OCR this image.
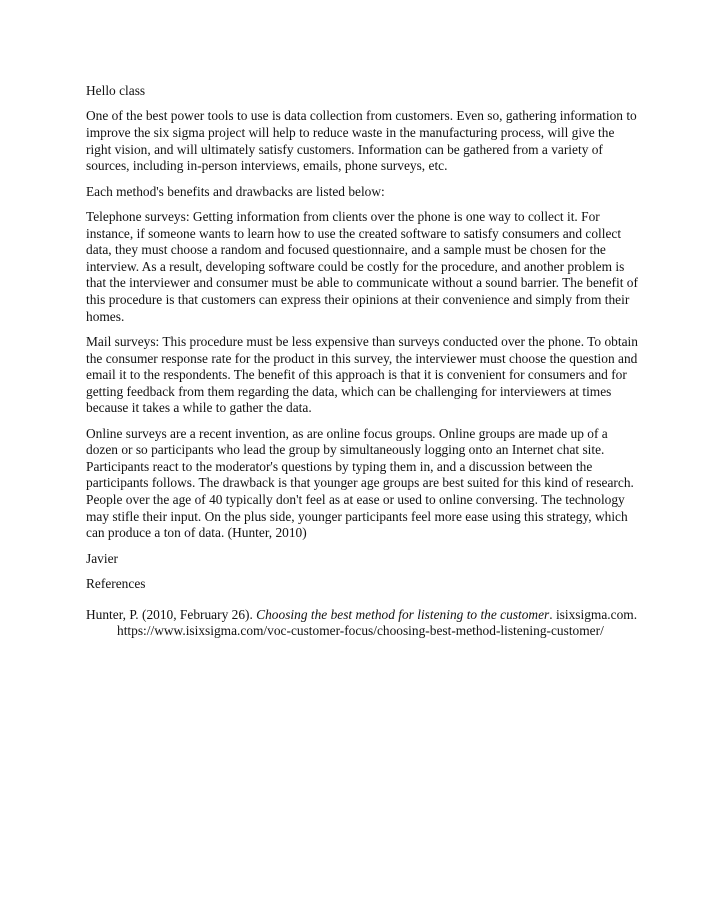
Hello class

One of the best power tools to use is data collection from customers. Even so, gathering information to improve the six sigma project will help to reduce waste in the manufacturing process, will give the right vision, and will ultimately satisfy customers. Information can be gathered from a variety of sources, including in-person interviews, emails, phone surveys, etc.

Each method's benefits and drawbacks are listed below:

Telephone surveys: Getting information from clients over the phone is one way to collect it. For instance, if someone wants to learn how to use the created software to satisfy consumers and collect data, they must choose a random and focused questionnaire, and a sample must be chosen for the interview. As a result, developing software could be costly for the procedure, and another problem is that the interviewer and consumer must be able to communicate without a sound barrier. The benefit of this procedure is that customers can express their opinions at their convenience and simply from their homes.

Mail surveys: This procedure must be less expensive than surveys conducted over the phone. To obtain the consumer response rate for the product in this survey, the interviewer must choose the question and email it to the respondents. The benefit of this approach is that it is convenient for consumers and for getting feedback from them regarding the data, which can be challenging for interviewers at times because it takes a while to gather the data.

Online surveys are a recent invention, as are online focus groups. Online groups are made up of a dozen or so participants who lead the group by simultaneously logging onto an Internet chat site. Participants react to the moderator's questions by typing them in, and a discussion between the participants follows. The drawback is that younger age groups are best suited for this kind of research. People over the age of 40 typically don't feel as at ease or used to online conversing. The technology may stifle their input. On the plus side, younger participants feel more ease using this strategy, which can produce a ton of data. (Hunter, 2010)

Javier

References

Hunter, P. (2010, February 26). Choosing the best method for listening to the customer. isixsigma.com. https://www.isixsigma.com/voc-customer-focus/choosing-best-method-listening-customer/
